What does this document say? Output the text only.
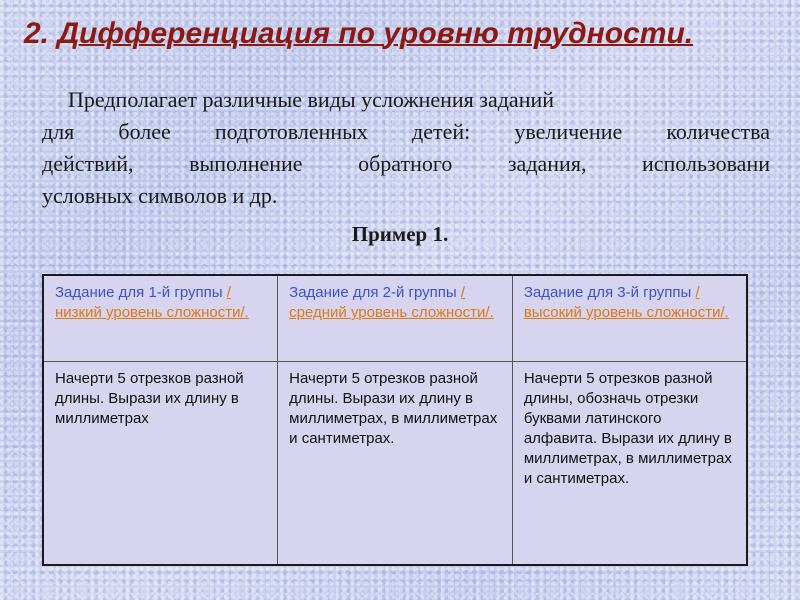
2. Дифференциация по уровню трудности.

Предполагает различные виды усложнения заданий
для более подготовленных детей: увеличение количества
действий, выполнение обратного задания, использовани
условных символов и др.

Пример 1.

Задание для 1-й группы /низкий уровень сложности/.	Задание для 2-й группы /средний уровень сложности/.	Задание для 3-й группы /высокий уровень сложности/.
Начерти 5 отрезков разной длины. Вырази их длину в миллиметрах	Начерти 5 отрезков разной длины. Вырази их длину в миллиметрах, в миллиметрах и сантиметрах.	Начерти 5 отрезков разной длины, обозначь отрезки буквами латинского алфавита. Вырази их длину в миллиметрах, в миллиметрах и сантиметрах.
